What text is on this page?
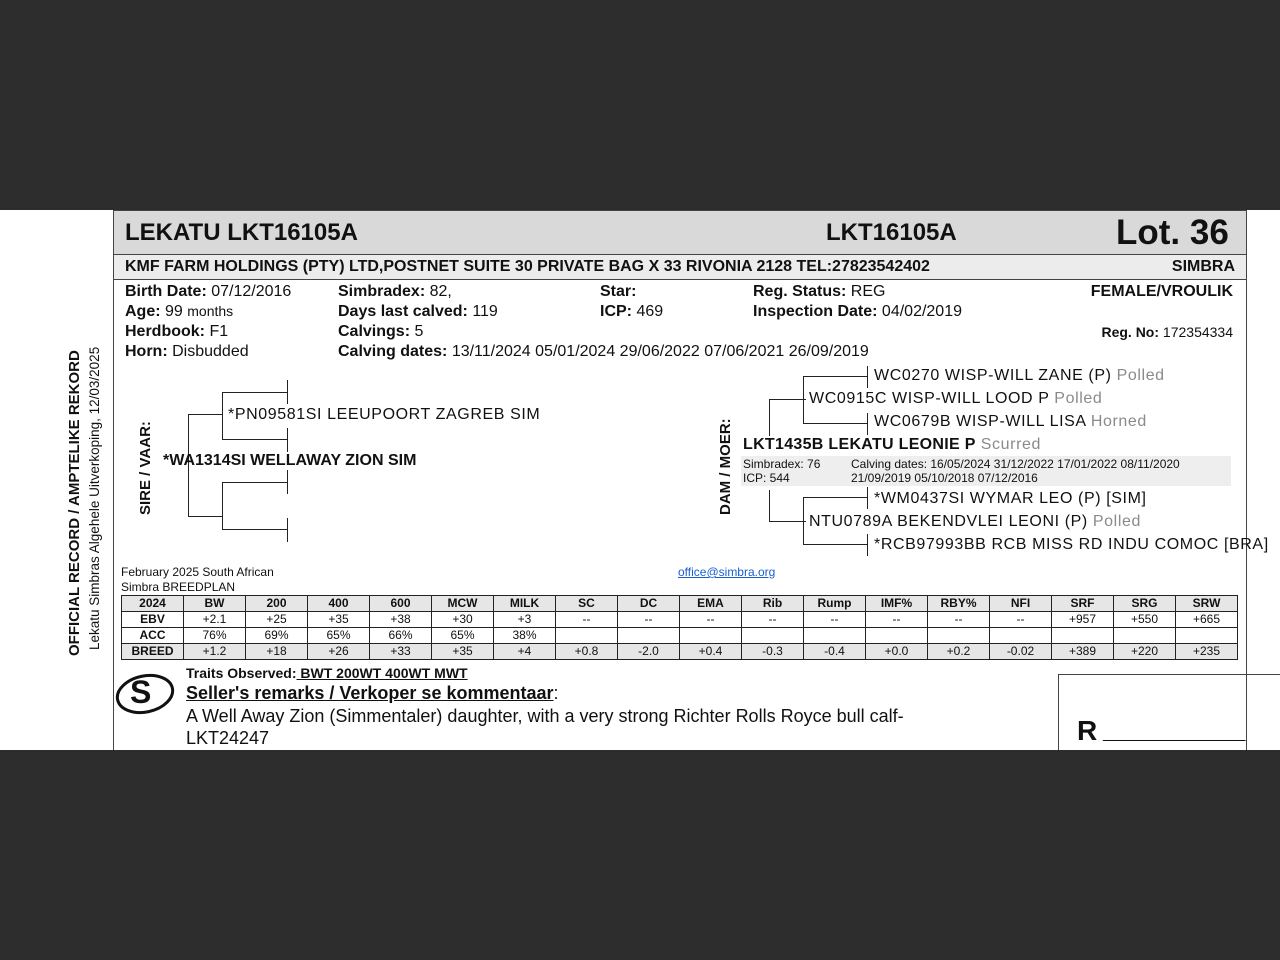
OFFICIAL RECORD / AMPTELIKE REKORD Lekatu Simbras Algehele Uitverkoping, 12/03/2025
LEKATU LKT16105A	LKT16105A	Lot. 36
KMF FARM HOLDINGS (PTY) LTD,POSTNET SUITE 30 PRIVATE BAG X 33 RIVONIA 2128 TEL:27823542402	SIMBRA
Birth Date: 07/12/2016
Age: 99 months
Herdbook: F1
Horn: Disbudded
Simbradex: 82,
Days last calved: 119
Calvings: 5
Calving dates: 13/11/2024 05/01/2024 29/06/2022 07/06/2021 26/09/2019
Star:
ICP: 469
Reg. Status: REG
Inspection Date: 04/02/2019
FEMALE/VROULIK
Reg. No: 172354334
SIRE / VAAR:
*PN09581SI LEEUPOORT ZAGREB SIM
*WA1314SI WELLAWAY ZION SIM	DAM / MOER:
WC0270 WISP-WILL ZANE (P) Polled
WC0915C WISP-WILL LOOD P Polled
WC0679B WISP-WILL LISA Horned
LKT1435B LEKATU LEONIE P Scurred
Simbradex: 76
ICP: 544
Calving dates: 16/05/2024 31/12/2022 17/01/2022 08/11/2020
21/09/2019 05/10/2018 07/12/2016
*WM0437SI WYMAR LEO (P) [SIM]
NTU0789A BEKENDVLEI LEONI (P) Polled
*RCB97993BB RCB MISS RD INDU COMOC [BRA]
February 2025 South African
Simbra BREEDPLAN
office@simbra.org
2024	BW	200	400	600	MCW	MILK	SC	DC	EMA	Rib	Rump	IMF%	RBY%	NFI	SRF	SRG	SRW
EBV	+2.1	+25	+35	+38	+30	+3	--	--	--	--	--	--	--	--	+957	+550	+665
ACC	76%	69%	65%	66%	65%	38%											
BREED	+1.2	+18	+26	+33	+35	+4	+0.8	-2.0	+0.4	-0.3	-0.4	+0.0	+0.2	-0.02	+389	+220	+235
S
Traits Observed: BWT 200WT 400WT MWT
Seller's remarks / Verkoper se kommentaar:
A Well Away Zion (Simmentaler) daughter, with a very strong Richter Rolls Royce bull calf-
LKT24247	R ________________
